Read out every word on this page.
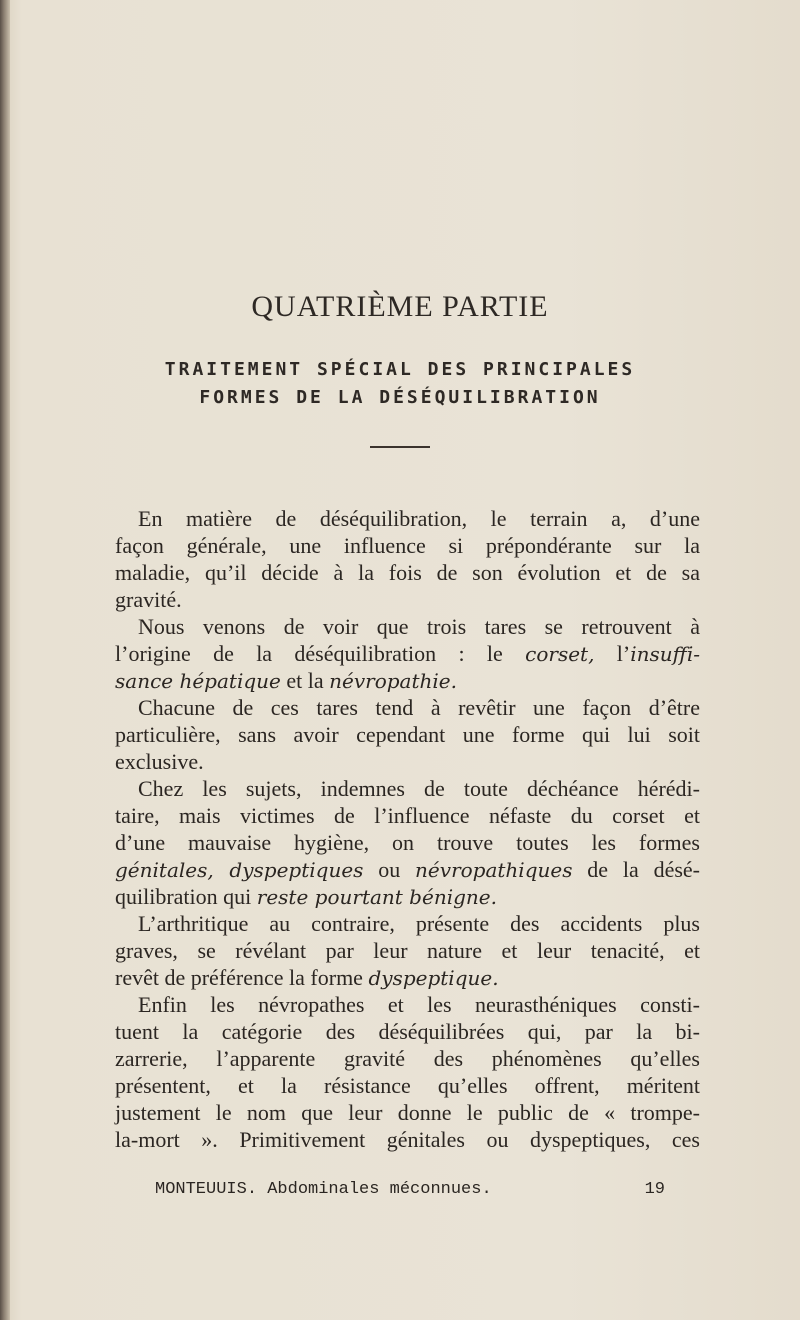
QUATRIÈME PARTIE
TRAITEMENT SPÉCIAL DES PRINCIPALES
FORMES DE LA DÉSÉQUILIBRATION
En matière de déséquilibration, le terrain a, d’une
façon générale, une influence si prépondérante sur la
maladie, qu’il décide à la fois de son évolution et de sa
gravité.
Nous venons de voir que trois tares se retrouvent à
l’origine de la déséquilibration : le corset, l’insuffi-
sance hépatique et la névropathie.
Chacune de ces tares tend à revêtir une façon d’être
particulière, sans avoir cependant une forme qui lui soit
exclusive.
Chez les sujets, indemnes de toute déchéance hérédi-
taire, mais victimes de l’influence néfaste du corset et
d’une mauvaise hygiène, on trouve toutes les formes
génitales, dyspeptiques ou névropathiques de la désé-
quilibration qui reste pourtant bénigne.
L’arthritique au contraire, présente des accidents plus
graves, se révélant par leur nature et leur tenacité, et
revêt de préférence la forme dyspeptique.
Enfin les névropathes et les neurasthéniques consti-
tuent la catégorie des déséquilibrées qui, par la bi-
zarrerie, l’apparente gravité des phénomènes qu’elles
présentent, et la résistance qu’elles offrent, méritent
justement le nom que leur donne le public de « trompe-
la-mort ». Primitivement génitales ou dyspeptiques, ces
MONTEUUIS. Abdominales méconnues.	19
